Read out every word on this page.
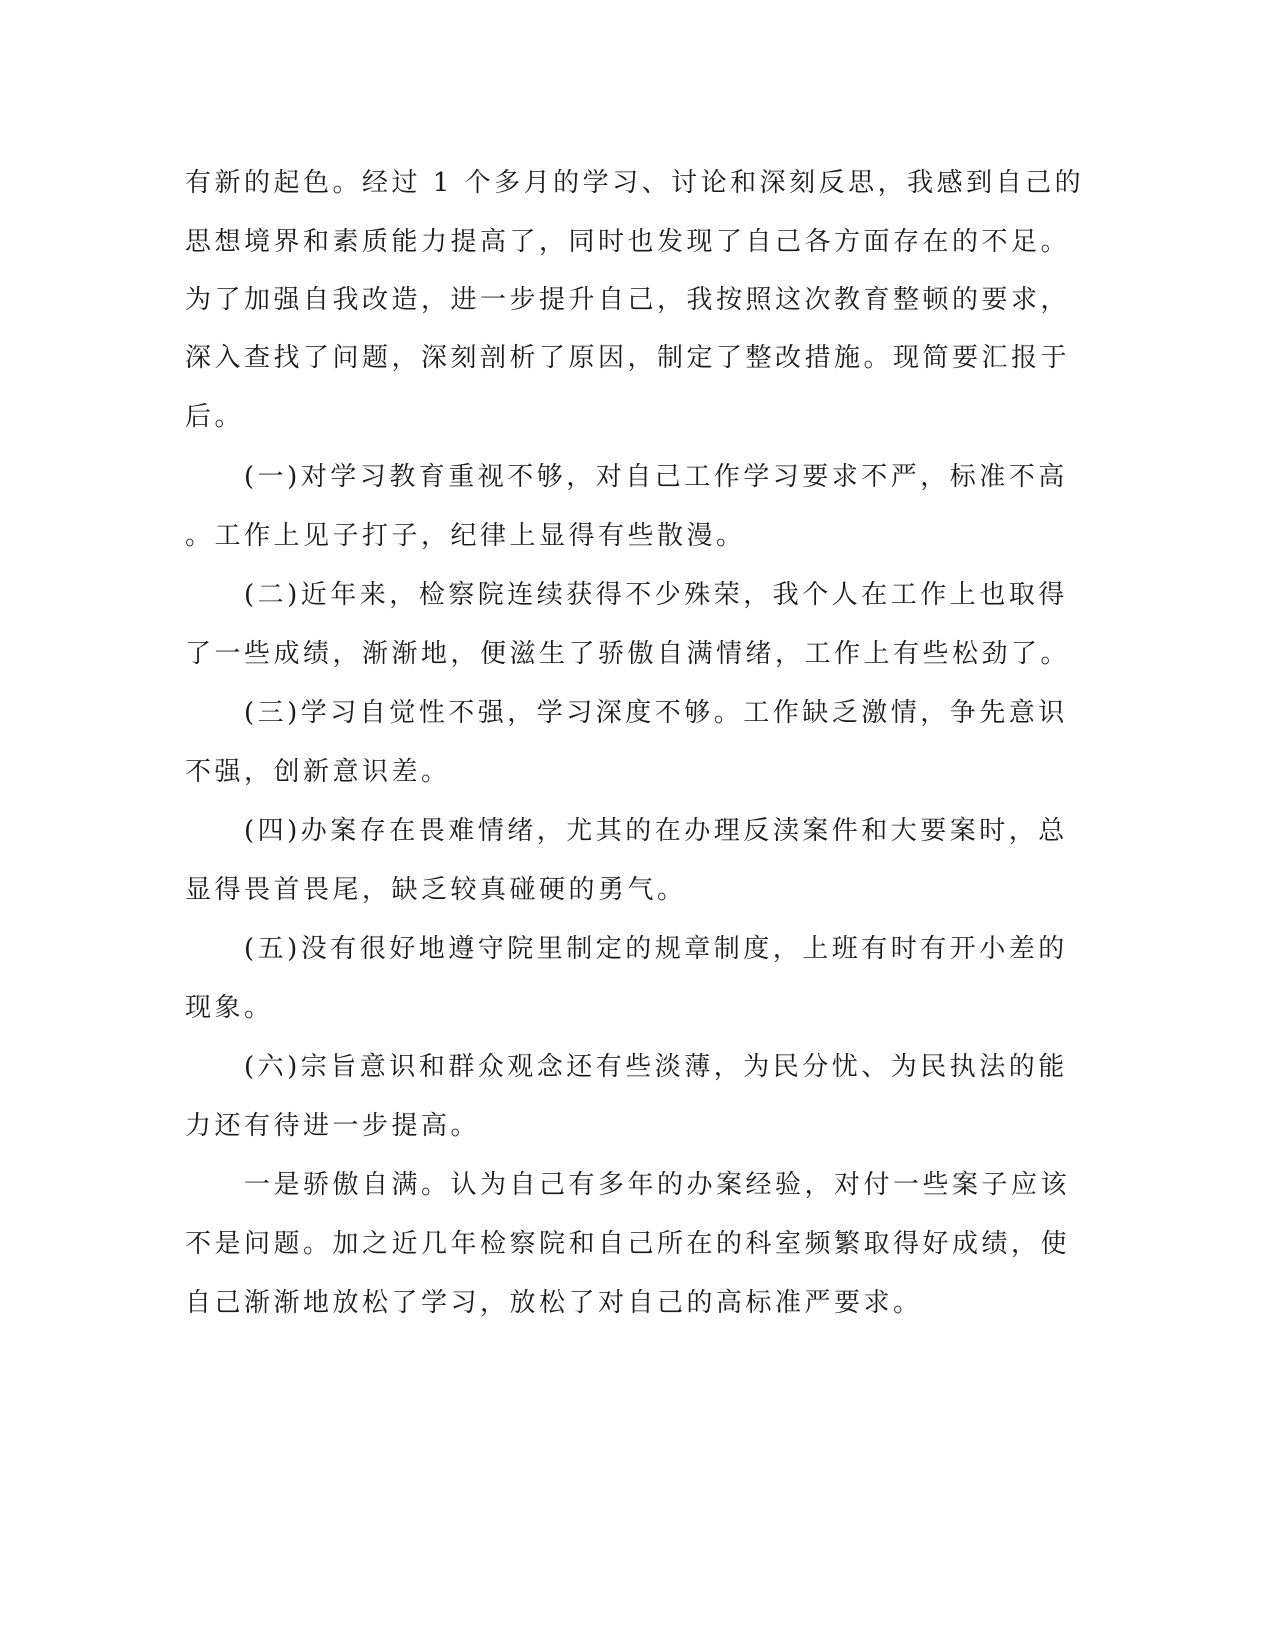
有新的起色。经过 1 个多月的学习、讨论和深刻反思，我感到自己的
思想境界和素质能力提高了，同时也发现了自己各方面存在的不足。
为了加强自我改造，进一步提升自己，我按照这次教育整顿的要求，
深入查找了问题，深刻剖析了原因，制定了整改措施。现简要汇报于
后。
　　(一)对学习教育重视不够，对自己工作学习要求不严，标准不高
。工作上见子打子，纪律上显得有些散漫。
　　(二)近年来，检察院连续获得不少殊荣，我个人在工作上也取得
了一些成绩，渐渐地，便滋生了骄傲自满情绪，工作上有些松劲了。
　　(三)学习自觉性不强，学习深度不够。工作缺乏激情，争先意识
不强，创新意识差。
　　(四)办案存在畏难情绪，尤其的在办理反渎案件和大要案时，总
显得畏首畏尾，缺乏较真碰硬的勇气。
　　(五)没有很好地遵守院里制定的规章制度，上班有时有开小差的
现象。
　　(六)宗旨意识和群众观念还有些淡薄，为民分忧、为民执法的能
力还有待进一步提高。
　　一是骄傲自满。认为自己有多年的办案经验，对付一些案子应该
不是问题。加之近几年检察院和自己所在的科室频繁取得好成绩，使
自己渐渐地放松了学习，放松了对自己的高标准严要求。
